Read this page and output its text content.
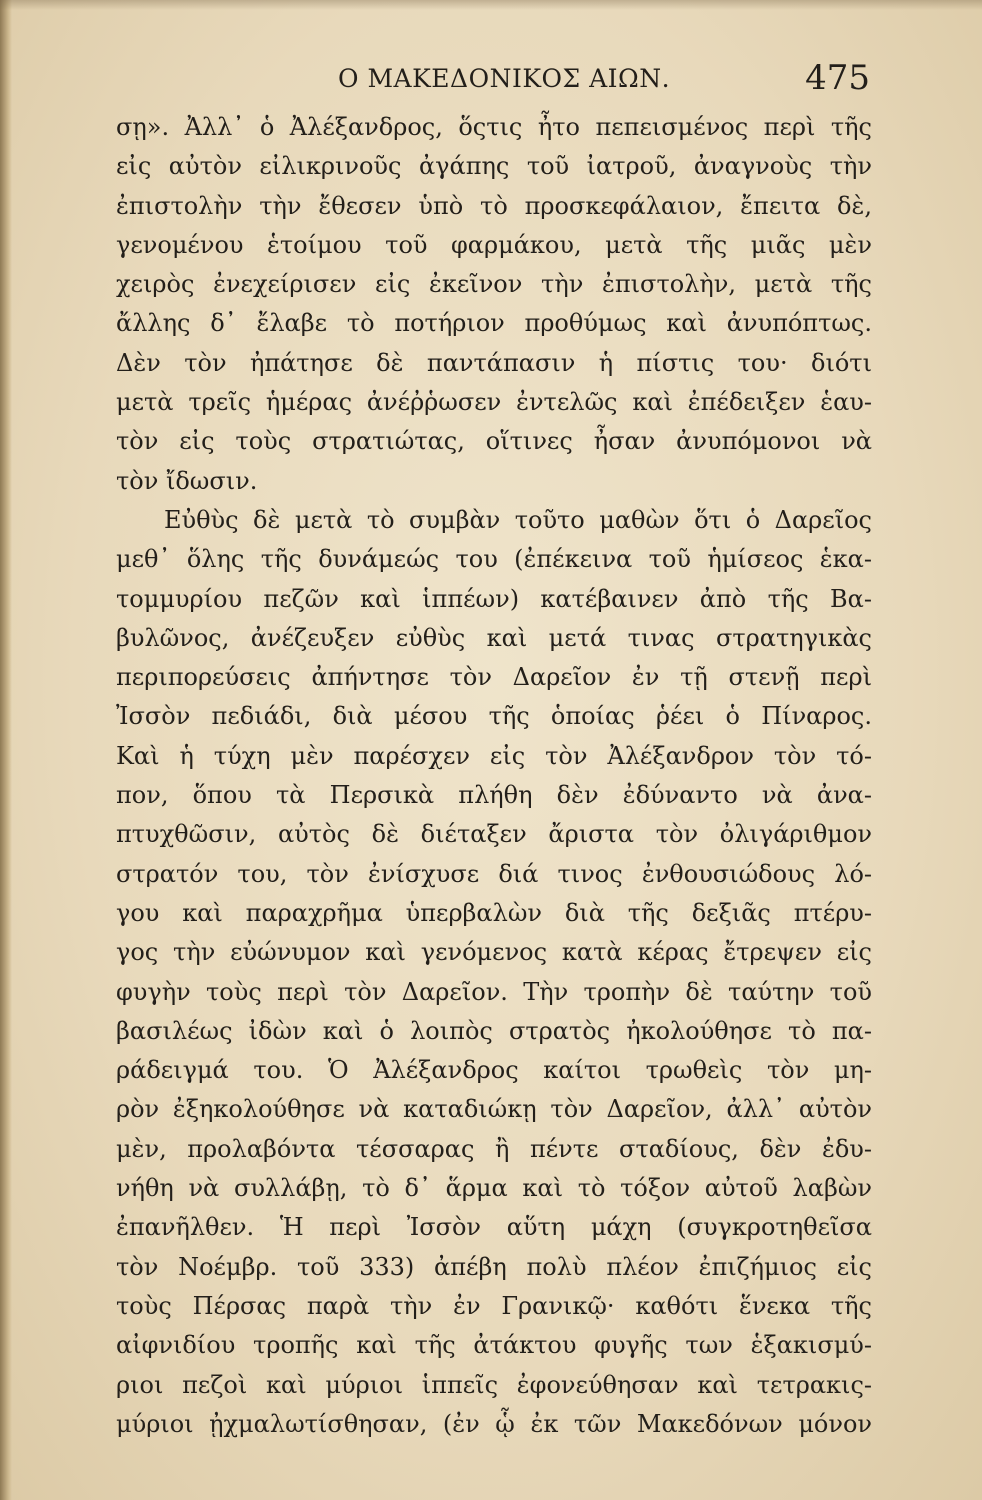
Ο ΜΑΚΕΔΟΝΙΚΟΣ ΑΙΩΝ.	475
σῃ». Ἀλλ᾽ ὁ Ἀλέξανδρος, ὅςτις ἦτο πεπεισμένος περὶ τῆς
εἰς αὐτὸν εἰλικρινοῦς ἀγάπης τοῦ ἰατροῦ, ἀναγνοὺς τὴν
ἐπιστολὴν τὴν ἔθεσεν ὑπὸ τὸ προσκεφάλαιον, ἔπειτα δὲ,
γενομένου ἑτοίμου τοῦ φαρμάκου, μετὰ τῆς μιᾶς μὲν
χειρὸς ἐνεχείρισεν εἰς ἐκεῖνον τὴν ἐπιστολὴν, μετὰ τῆς
ἄλλης δ᾽ ἔλαβε τὸ ποτήριον προθύμως καὶ ἀνυπόπτως.
Δὲν τὸν ἠπάτησε δὲ παντάπασιν ἡ πίστις του· διότι
μετὰ τρεῖς ἡμέρας ἀνέῤῥωσεν ἐντελῶς καὶ ἐπέδειξεν ἑαυ-
τὸν εἰς τοὺς στρατιώτας, οἵτινες ἦσαν ἀνυπόμονοι νὰ
τὸν ἴδωσιν.
Εὐθὺς δὲ μετὰ τὸ συμβὰν τοῦτο μαθὼν ὅτι ὁ Δαρεῖος
μεθ᾽ ὅλης τῆς δυνάμεώς του (ἐπέκεινα τοῦ ἡμίσεος ἑκα-
τομμυρίου πεζῶν καὶ ἱππέων) κατέβαινεν ἀπὸ τῆς Βα-
βυλῶνος, ἀνέζευξεν εὐθὺς καὶ μετά τινας στρατηγικὰς
περιπορεύσεις ἀπήντησε τὸν Δαρεῖον ἐν τῇ στενῇ περὶ
Ἰσσὸν πεδιάδι, διὰ μέσου τῆς ὁποίας ῥέει ὁ Πίναρος.
Καὶ ἡ τύχη μὲν παρέσχεν εἰς τὸν Ἀλέξανδρον τὸν τό-
πον, ὅπου τὰ Περσικὰ πλήθη δὲν ἐδύναντο νὰ ἀνα-
πτυχθῶσιν, αὐτὸς δὲ διέταξεν ἄριστα τὸν ὀλιγάριθμον
στρατόν του, τὸν ἐνίσχυσε διά τινος ἐνθουσιώδους λό-
γου καὶ παραχρῆμα ὑπερβαλὼν διὰ τῆς δεξιᾶς πτέρυ-
γος τὴν εὐώνυμον καὶ γενόμενος κατὰ κέρας ἔτρεψεν εἰς
φυγὴν τοὺς περὶ τὸν Δαρεῖον. Τὴν τροπὴν δὲ ταύτην τοῦ
βασιλέως ἰδὼν καὶ ὁ λοιπὸς στρατὸς ἠκολούθησε τὸ πα-
ράδειγμά του. Ὁ Ἀλέξανδρος καίτοι τρωθεὶς τὸν μη-
ρὸν ἐξηκολούθησε νὰ καταδιώκῃ τὸν Δαρεῖον, ἀλλ᾽ αὐτὸν
μὲν, προλαβόντα τέσσαρας ἢ πέντε σταδίους, δὲν ἐδυ-
νήθη νὰ συλλάβῃ, τὸ δ᾽ ἅρμα καὶ τὸ τόξον αὐτοῦ λαβὼν
ἐπανῆλθεν. Ἡ περὶ Ἰσσὸν αὕτη μάχη (συγκροτηθεῖσα
τὸν Νοέμβρ. τοῦ 333) ἀπέβη πολὺ πλέον ἐπιζήμιος εἰς
τοὺς Πέρσας παρὰ τὴν ἐν Γρανικῷ· καθότι ἕνεκα τῆς
αἰφνιδίου τροπῆς καὶ τῆς ἀτάκτου φυγῆς των ἑξακισμύ-
ριοι πεζοὶ καὶ μύριοι ἱππεῖς ἐφονεύθησαν καὶ τετρακις-
μύριοι ᾐχμαλωτίσθησαν, (ἐν ᾧ ἐκ τῶν Μακεδόνων μόνον
